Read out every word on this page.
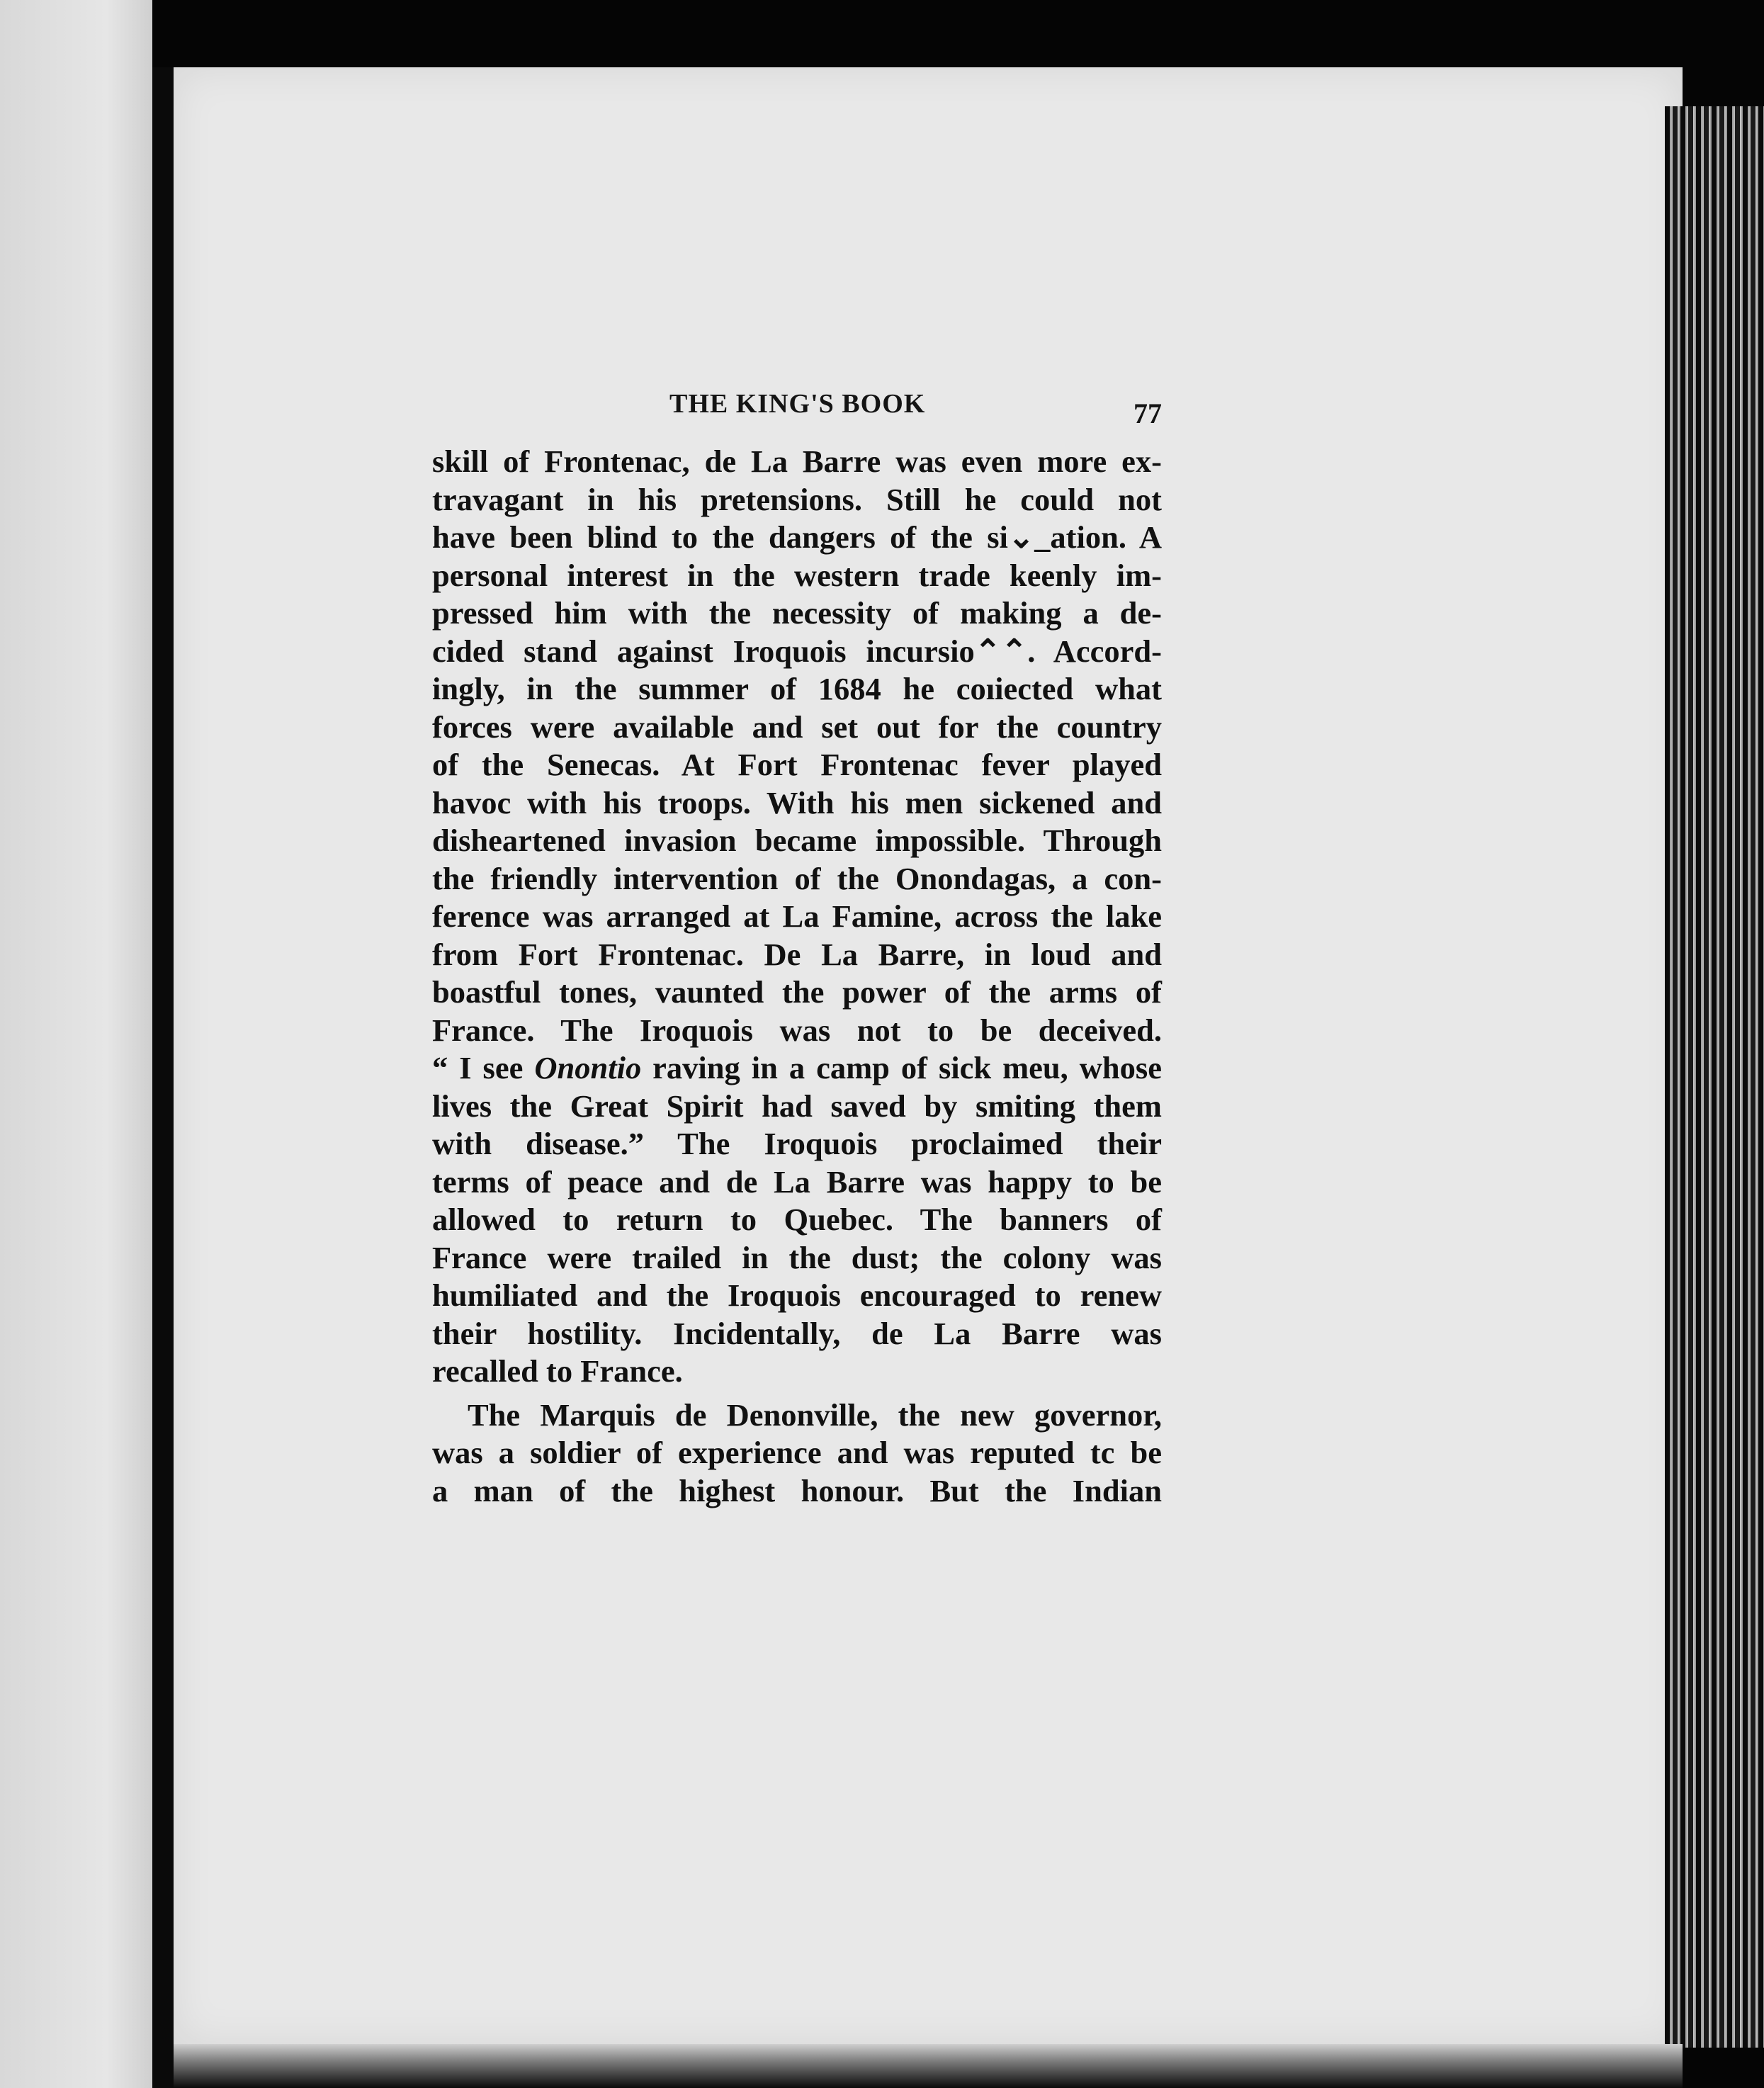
THE KING'S BOOK	77
skill of Frontenac, de La Barre was even more ex-
travagant in his pretensions. Still he could not
have been blind to the dangers of the si⌄_ation. A
personal interest in the western trade keenly im-
pressed him with the necessity of making a de-
cided stand against Iroquois incursio⌃⌃. Accord-
ingly, in the summer of 1684 he coıiected what
forces were available and set out for the country
of the Senecas. At Fort Frontenac fever played
havoc with his troops. With his men sickened and
disheartened invasion became impossible. Through
the friendly intervention of the Onondagas, a con-
ference was arranged at La Famine, across the lake
from Fort Frontenac. De La Barre, in loud and
boastful tones, vaunted the power of the arms of
France. The Iroquois was not to be deceived.
“ I see Onontio raving in a camp of sick meu, whose
lives the Great Spirit had saved by smiting them
with disease.” The Iroquois proclaimed their
terms of peace and de La Barre was happy to be
allowed to return to Quebec. The banners of
France were trailed in the dust; the colony was
humiliated and the Iroquois encouraged to renew
their hostility. Incidentally, de La Barre was
recalled to France.
The Marquis de Denonville, the new governor,
was a soldier of experience and was reputed tc be
a man of the highest honour. But the Indian
